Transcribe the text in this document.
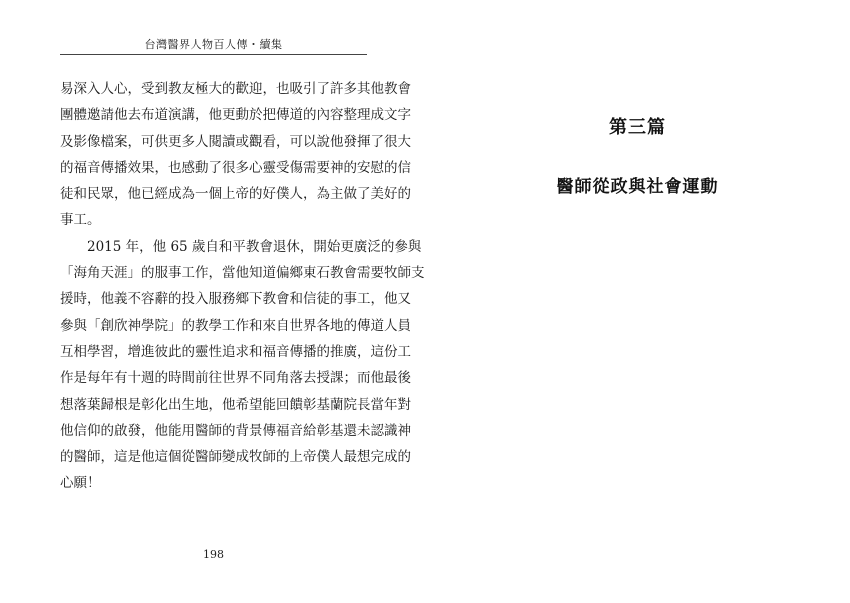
台灣醫界人物百人傳・續集
易深入人心，受到教友極大的歡迎，也吸引了許多其他教會
團體邀請他去布道演講，他更動於把傳道的內容整理成文字
及影像檔案，可供更多人閱讀或觀看，可以說他發揮了很大
的福音傳播效果，也感動了很多心靈受傷需要神的安慰的信
徒和民眾，他已經成為一個上帝的好僕人，為主做了美好的
事工。
2015 年，他 65 歲自和平教會退休，開始更廣泛的參與
「海角天涯」的服事工作，當他知道偏鄉東石教會需要牧師支
援時，他義不容辭的投入服務鄉下教會和信徒的事工，他又
參與「創欣神學院」的教學工作和來自世界各地的傳道人員
互相學習，增進彼此的靈性追求和福音傳播的推廣，這份工
作是每年有十週的時間前往世界不同角落去授課；而他最後
想落葉歸根是彰化出生地，他希望能回饋彰基蘭院長當年對
他信仰的啟發，他能用醫師的背景傳福音給彰基還未認識神
的醫師，這是他這個從醫師變成牧師的上帝僕人最想完成的
心願！
198
第三篇
醫師從政與社會運動
